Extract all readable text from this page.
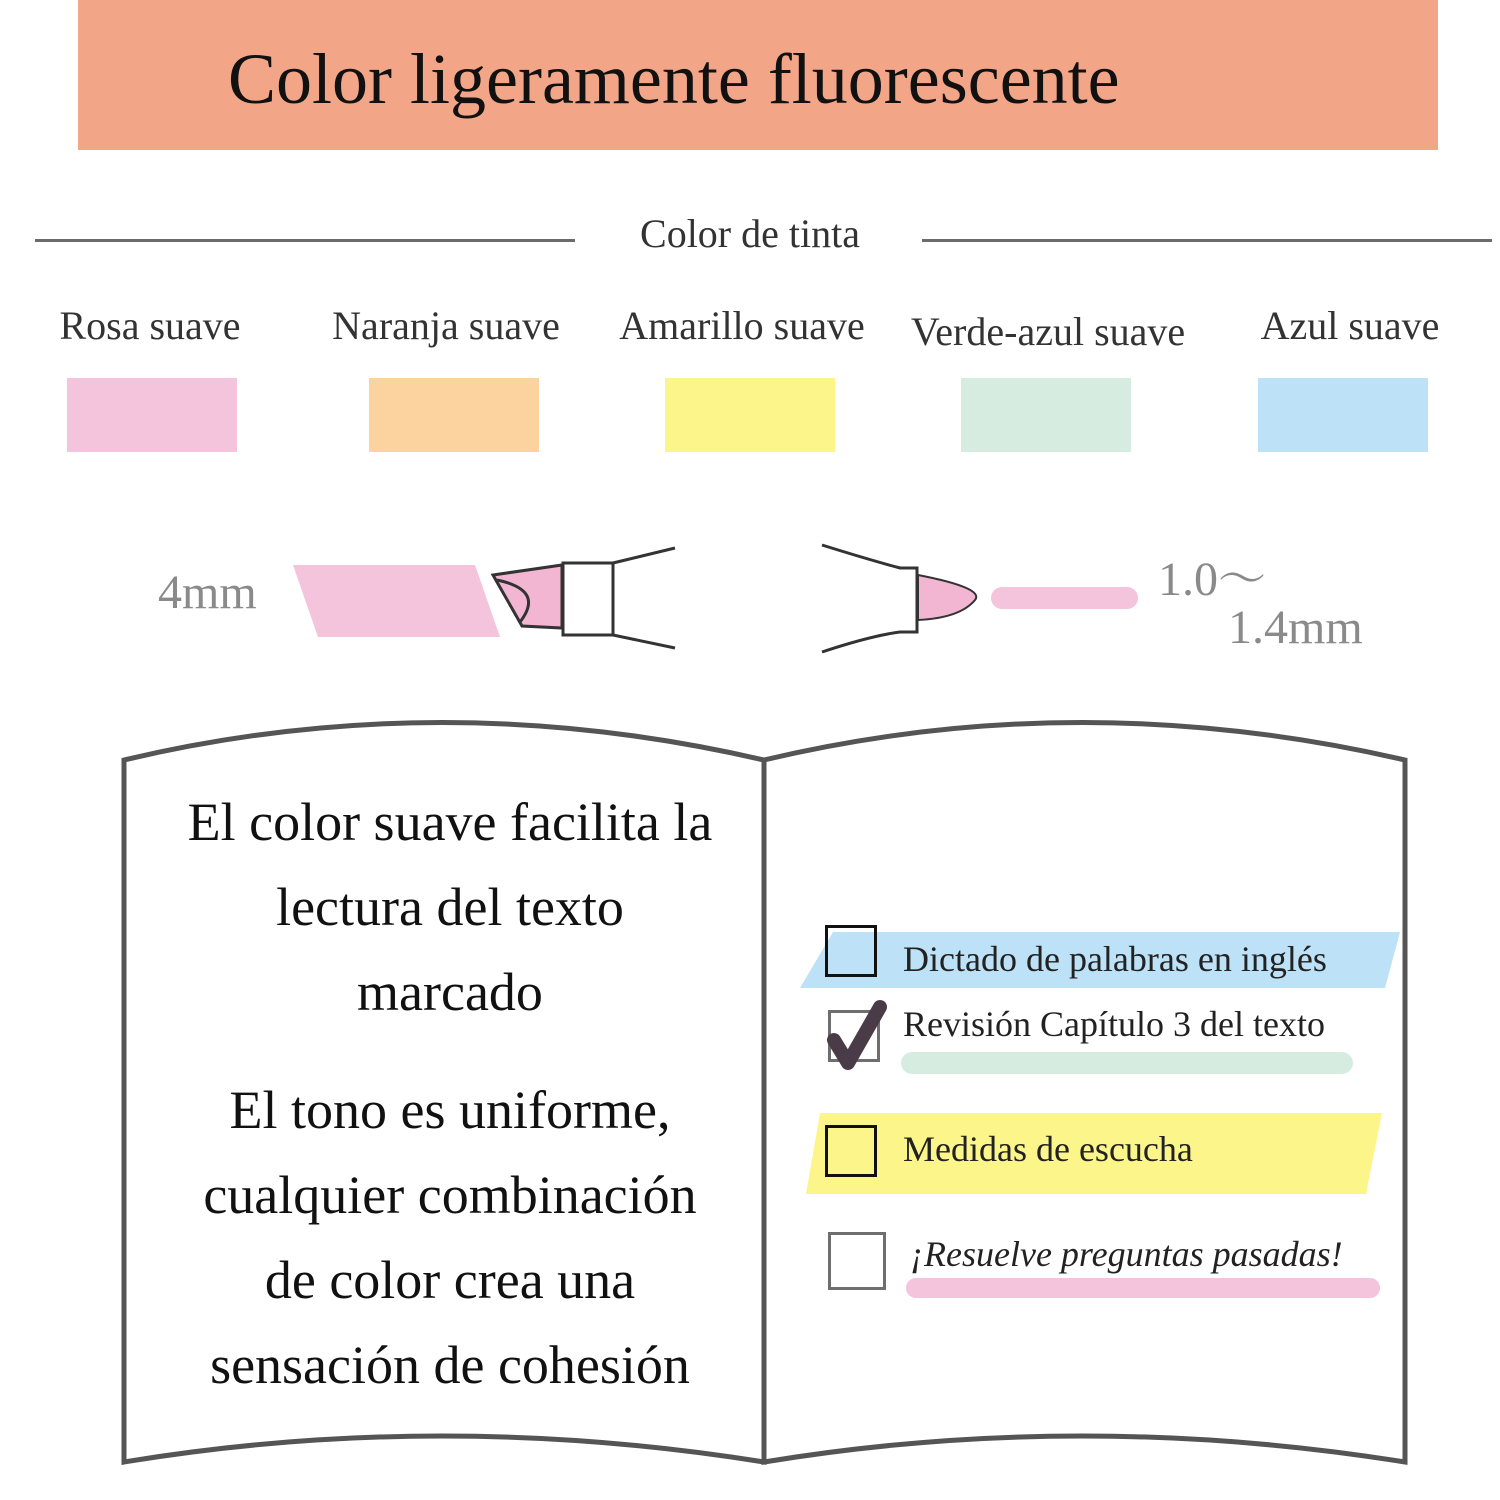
Color ligeramente fluorescente
Color de tinta
Rosa suave	Naranja suave	Amarillo suave	Verde-azul suave	Azul suave
4mm	1.0～
1.4mm
El color suave facilita la
lectura del texto
marcado
El tono es uniforme,
cualquier combinación
de color crea una
sensación de cohesión
Dictado de palabras en inglés
Revisión Capítulo 3 del texto
Medidas de escucha
¡Resuelve preguntas pasadas!
